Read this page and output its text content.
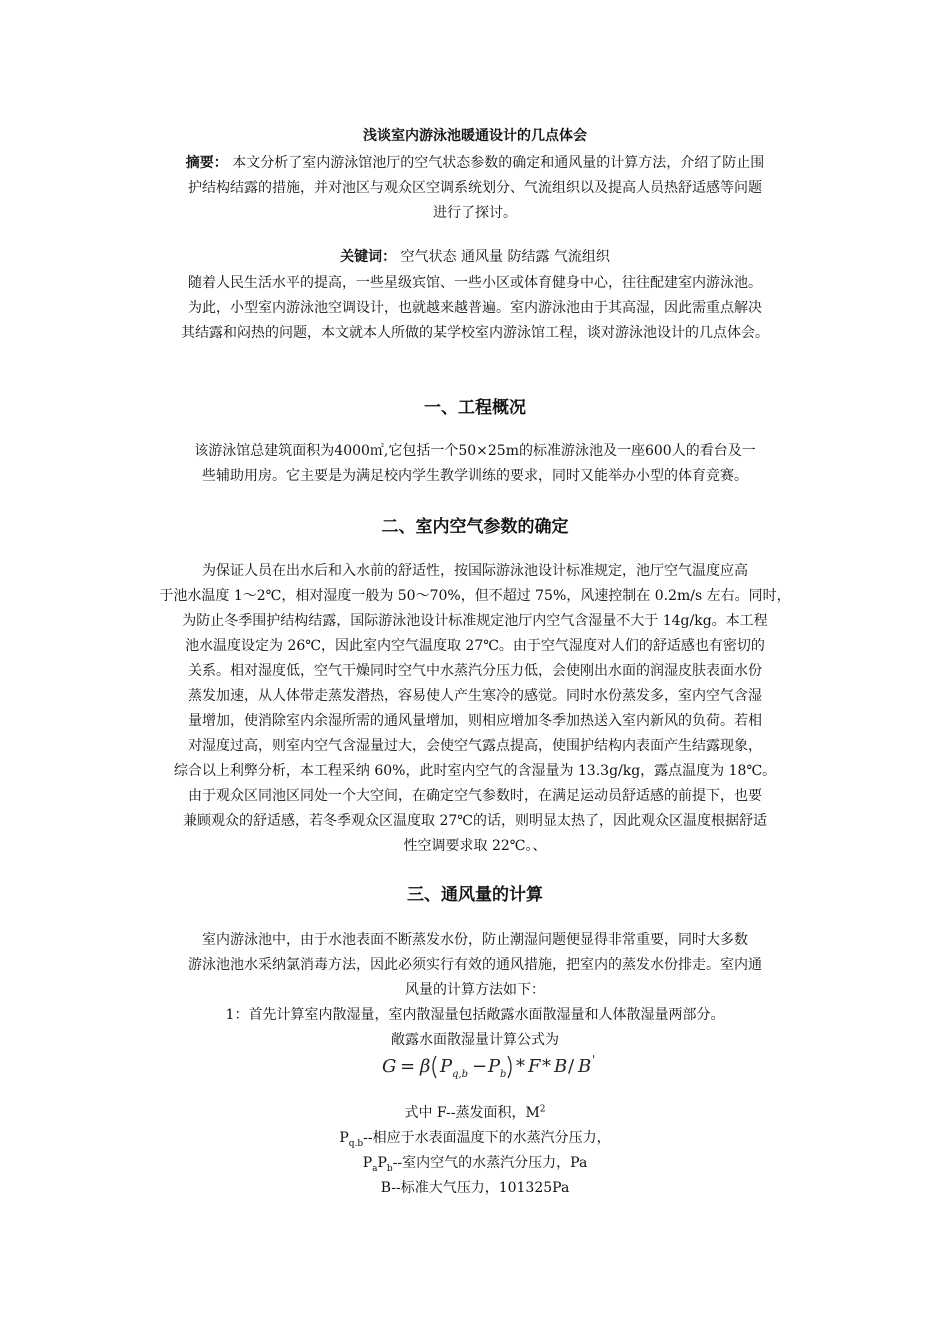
浅谈室内游泳池暖通设计的几点体会
摘要： 本文分析了室内游泳馆池厅的空气状态参数的确定和通风量的计算方法，介绍了防止围
护结构结露的措施，并对池区与观众区空调系统划分、气流组织以及提高人员热舒适感等问题
进行了探讨。
关键词： 空气状态 通风量 防结露 气流组织
随着人民生活水平的提高，一些星级宾馆、一些小区或体育健身中心，往往配建室内游泳池。
为此，小型室内游泳池空调设计，也就越来越普遍。室内游泳池由于其高湿，因此需重点解决
其结露和闷热的问题，本文就本人所做的某学校室内游泳馆工程，谈对游泳池设计的几点体会。
一、工程概况
该游泳馆总建筑面积为4000㎡,它包括一个50×25m的标准游泳池及一座600人的看台及一
些辅助用房。它主要是为满足校内学生教学训练的要求，同时又能举办小型的体育竞赛。
二、室内空气参数的确定
为保证人员在出水后和入水前的舒适性，按国际游泳池设计标准规定，池厅空气温度应高
于池水温度 1～2℃，相对湿度一般为 50～70%，但不超过 75%，风速控制在 0.2m/s 左右。同时，
为防止冬季围护结构结露，国际游泳池设计标准规定池厅内空气含湿量不大于 14g/kg。本工程
池水温度设定为 26℃，因此室内空气温度取 27℃。由于空气湿度对人们的舒适感也有密切的
关系。相对湿度低，空气干燥同时空气中水蒸汽分压力低，会使刚出水面的润湿皮肤表面水份
蒸发加速，从人体带走蒸发潜热，容易使人产生寒冷的感觉。同时水份蒸发多，室内空气含湿
量增加，使消除室内余湿所需的通风量增加，则相应增加冬季加热送入室内新风的负荷。若相
对湿度过高，则室内空气含湿量过大，会使空气露点提高，使围护结构内表面产生结露现象，
综合以上利弊分析，本工程采纳 60%，此时室内空气的含湿量为 13.3g/kg，露点温度为 18℃。
由于观众区同池区同处一个大空间，在确定空气参数时，在满足运动员舒适感的前提下，也要
兼顾观众的舒适感，若冬季观众区温度取 27℃的话，则明显太热了，因此观众区温度根据舒适
性空调要求取 22℃。、
三、通风量的计算
室内游泳池中，由于水池表面不断蒸发水份，防止潮湿问题便显得非常重要，同时大多数
游泳池池水采纳氯消毒方法，因此必须实行有效的通风措施，把室内的蒸发水份排走。室内通
风量的计算方法如下：
1：首先计算室内散湿量，室内散湿量包括敞露水面散湿量和人体散湿量两部分。
敞露水面散湿量计算公式为
G = β P q,b − P b * F * B / B '
式中 F--蒸发面积，$M^2$
$P_{q.b}--$相应于水表面温度下的水蒸汽分压力，
$P_aP_b--$室内空气的水蒸汽分压力，Pa
B--标准大气压力，101325Pa
